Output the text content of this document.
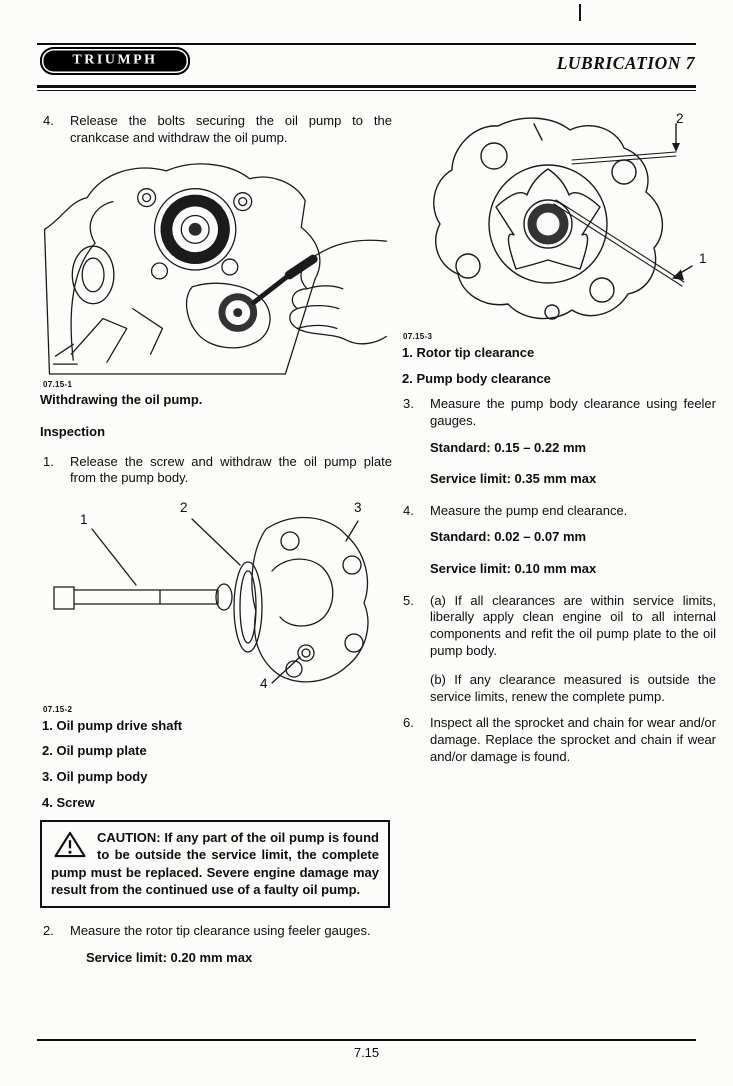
TRIUMPH	LUBRICATION 7
4.	Release the bolts securing the oil pump to the crankcase and withdraw the oil pump.
07.15-1
Withdrawing the oil pump.
Inspection
1.	Release the screw and withdraw the oil pump plate from the pump body.
1
2	3
4
07.15-2
1. Oil pump drive shaft
2. Oil pump plate
3. Oil pump body
4. Screw
CAUTION: If any part of the oil pump is found to be outside the service limit, the complete pump must be replaced. Severe engine damage may result from the continued use of a faulty oil pump.
2.	Measure the rotor tip clearance using feeler gauges.
Service limit: 0.20 mm max
2
1
07.15-3
1. Rotor tip clearance
2. Pump body clearance
3.	Measure the pump body clearance using feeler gauges.
Standard: 0.15 – 0.22 mm
Service limit: 0.35 mm max
4.	Measure the pump end clearance.
Standard: 0.02 – 0.07 mm
Service limit: 0.10 mm max
5.	(a) If all clearances are within service limits, liberally apply clean engine oil to all internal components and refit the oil pump plate to the oil pump body.

(b) If any clearance measured is outside the service limits, renew the complete pump.

6.	Inspect all the sprocket and chain for wear and/or damage. Replace the sprocket and chain if wear and/or damage is found.
7.15
